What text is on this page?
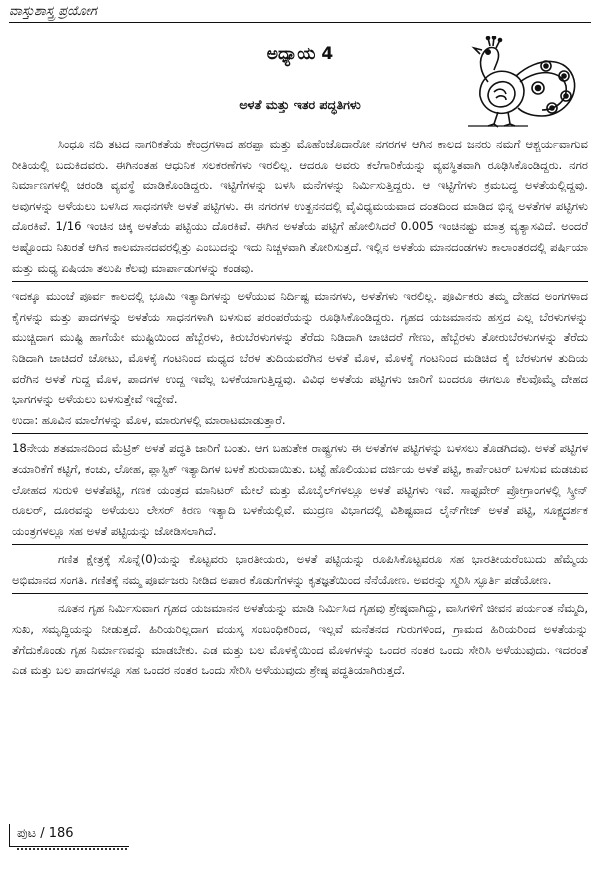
ವಾಸ್ತುಶಾಸ್ತ್ರ ಪ್ರಯೋಗ
ಅಧ್ಯಾಯ 4
ಅಳತೆ ಮತ್ತು ಇತರ ಪದ್ಧತಿಗಳು

ಸಿಂಧೂ ನದಿ ತಟದ ನಾಗರಿಕತೆಯ ಕೇಂದ್ರಗಳಾದ ಹರಪ್ಪಾ ಮತ್ತು ಮೊಹೆಂಜೊದಾರೋ ನಗರಗಳ ಆಗಿನ ಕಾಲದ ಜನರು ನಮಗೆ ಆಶ್ಚರ್ಯವಾಗುವ ರೀತಿಯಲ್ಲಿ ಬದುಕಿದವರು. ಈಗಿನಂತಹ ಆಧುನಿಕ ಸಲಕರಣೆಗಳು ಇರಲಿಲ್ಲ. ಆದರೂ ಅವರು ಕಲೆಗಾರಿಕೆಯನ್ನು ವ್ಯವಸ್ಥಿತವಾಗಿ ರೂಢಿಸಿಕೊಂಡಿದ್ದರು. ನಗರ ನಿರ್ಮಾಣಗಳಲ್ಲಿ ಚರಂಡಿ ವ್ಯವಸ್ಥೆ ಮಾಡಿಕೊಂಡಿದ್ದರು. ಇಟ್ಟಿಗೆಗಳನ್ನು ಬಳಸಿ ಮನೆಗಳನ್ನು ನಿರ್ಮಿಸುತ್ತಿದ್ದರು. ಆ ಇಟ್ಟಿಗೆಗಳು ಕ್ರಮಬದ್ಧ ಅಳತೆಯಲ್ಲಿದ್ದವು. ಅವುಗಳನ್ನು ಅಳೆಯಲು ಬಳಸಿದ ಸಾಧನಗಳೇ ಅಳತೆ ಪಟ್ಟಿಗಳು. ಈ ನಗರಗಳ ಉತ್ಖನನದಲ್ಲಿ ವೈವಿಧ್ಯಮಯವಾದ ದಂತದಿಂದ ಮಾಡಿದ ಭಿನ್ನ ಅಳತೆಗಳ ಪಟ್ಟಿಗಳು ದೊರಕಿವೆ. 1/16 ಇಂಚಿನ ಚಿಕ್ಕ ಅಳತೆಯ ಪಟ್ಟಿಯು ದೊರಕಿವೆ. ಈಗಿನ ಅಳತೆಯ ಪಟ್ಟಿಗೆ ಹೋಲಿಸಿದರೆ 0.005 ಇಂಚಿನಷ್ಟು ಮಾತ್ರ ವ್ಯತ್ಯಾಸವಿದೆ. ಅಂದರೆ ಅಷ್ಟೊಂದು ನಿಖರತೆ ಆಗಿನ ಕಾಲಮಾನದವರಲ್ಲಿತ್ತು ಎಂಬುದನ್ನು ಇದು ನಿಚ್ಚಳವಾಗಿ ತೋರಿಸುತ್ತದೆ. ಇಲ್ಲಿನ ಅಳತೆಯ ಮಾನದಂಡಗಳು ಕಾಲಾಂತರದಲ್ಲಿ ಪರ್ಷಿಯಾ ಮತ್ತು ಮಧ್ಯ ಏಷಿಯಾ ತಲುಪಿ ಕೆಲವು ಮಾರ್ಪಾಡುಗಳನ್ನು ಕಂಡವು.

ಇದಕ್ಕೂ ಮುಂಚೆ ಪೂರ್ವ ಕಾಲದಲ್ಲಿ ಭೂಮಿ ಇತ್ಯಾದಿಗಳನ್ನು ಅಳೆಯುವ ನಿರ್ದಿಷ್ಟ ಮಾನಗಳು, ಅಳತೆಗಳು ಇರಲಿಲ್ಲ. ಪೂರ್ವಿಕರು ತಮ್ಮ ದೇಹದ ಅಂಗಗಳಾದ ಕೈಗಳನ್ನು ಮತ್ತು ಪಾದಗಳನ್ನು ಅಳತೆಯ ಸಾಧನಗಳಾಗಿ ಬಳಸುವ ಪರಂಪರೆಯನ್ನು ರೂಢಿಸಿಕೊಂಡಿದ್ದರು. ಗೃಹದ ಯಜಮಾನನು ಹಸ್ತದ ಎಲ್ಲ ಬೆರಳುಗಳನ್ನು ಮುಚ್ಚಿದಾಗ ಮುಷ್ಟಿ ಹಾಗೆಯೇ ಮುಷ್ಟಿಯಿಂದ ಹೆಬ್ಬೆರಳು, ಕಿರುಬೆರಳುಗಳನ್ನು ತೆರೆದು ನಿಡಿದಾಗಿ ಚಾಚಿದರೆ ಗೇಣು, ಹೆಬ್ಬೆರಳು ತೋರುಬೆರಳುಗಳನ್ನು ತೆರೆದು ನಿಡಿದಾಗಿ ಚಾಚಿದರೆ ಚೋಟು, ಮೊಳಕೈ ಗಂಟನಿಂದ ಮಧ್ಯದ ಬೆರಳ ತುದಿಯವರೆಗಿನ ಅಳತೆ ಮೊಳ, ಮೊಳಕೈ ಗಂಟನಿಂದ ಮಡಿಚಿದ ಕೈ ಬೆರಳುಗಳ ತುದಿಯ ವರೆಗಿನ ಅಳತೆ ಗುದ್ದ ಮೊಳ, ಪಾದಗಳ ಉದ್ದ ಇವೆಲ್ಲ ಬಳಕೆಯಾಗುತ್ತಿದ್ದವು. ವಿವಿಧ ಅಳತೆಯ ಪಟ್ಟಿಗಳು ಜಾರಿಗೆ ಬಂದರೂ ಈಗಲೂ ಕೆಲವೊಮ್ಮೆ ದೇಹದ ಭಾಗಗಳನ್ನು ಅಳೆಯಲು ಬಳಸುತ್ತೇವೆ ಇದ್ದೇವೆ.

ಉದಾ: ಹೂವಿನ ಮಾಲೆಗಳನ್ನು ಮೊಳ, ಮಾರುಗಳಲ್ಲಿ ಮಾರಾಟಮಾಡುತ್ತಾರೆ.

18ನೇಯ ಶತಮಾನದಿಂದ ಮೆಟ್ರಿಕ್ ಅಳತೆ ಪದ್ಧತಿ ಜಾರಿಗೆ ಬಂತು. ಆಗ ಬಹುತೇಕ ರಾಷ್ಟ್ರಗಳು ಈ ಅಳತೆಗಳ ಪಟ್ಟಿಗಳನ್ನು ಬಳಸಲು ತೊಡಗಿದವು. ಅಳತೆ ಪಟ್ಟಿಗಳ ತಯಾರಿಕೆಗೆ ಕಟ್ಟಿಗೆ, ಕಂಚು, ಲೋಹ, ಪ್ಲಾಸ್ಟಿಕ್ ಇತ್ಯಾದಿಗಳ ಬಳಕೆ ಶುರುವಾಯಿತು. ಬಟ್ಟೆ ಹೊಲಿಯುವ ದರ್ಜಿಯ ಅಳತೆ ಪಟ್ಟಿ, ಕಾರ್ಪೆಂಟರ್ ಬಳಸುವ ಮಡಚುವ ಲೋಹದ ಸುರುಳಿ ಅಳತೆಪಟ್ಟಿ, ಗಣಕ ಯಂತ್ರದ ಮಾನಿಟರ್ ಮೇಲೆ ಮತ್ತು ಮೊಬೈಲ್‌ಗಳಲ್ಲೂ ಅಳತೆ ಪಟ್ಟಿಗಳು ಇವೆ. ಸಾಫ್ಟವೇರ್ ಪ್ರೋಗ್ರಾಂಗಳಲ್ಲಿ ಸ್ಕ್ರೀನ್ ರೂಲರ್, ದೂರವನ್ನು ಅಳೆಯಲು ಲೇಸರ್ ಕಿರಣ ಇತ್ಯಾದಿ ಬಳಕೆಯಲ್ಲಿವೆ. ಮುದ್ರಣ ವಿಭಾಗದಲ್ಲಿ ವಿಶಿಷ್ಟವಾದ ಲೈನ್‌ಗೇಜ್ ಅಳತೆ ಪಟ್ಟಿ, ಸೂಕ್ಷ್ಮದರ್ಶಕ ಯಂತ್ರಗಳಲ್ಲೂ ಸಹ ಅಳತೆ ಪಟ್ಟಿಯನ್ನು ಜೋಡಿಸಲಾಗಿದೆ.

ಗಣಿತ ಕ್ಷೇತ್ರಕ್ಕೆ ಸೊನ್ನೆ(0)ಯನ್ನು ಕೊಟ್ಟವರು ಭಾರತೀಯರು, ಅಳತೆ ಪಟ್ಟಿಯನ್ನು ರೂಪಿಸಿಕೊಟ್ಟವರೂ ಸಹ ಭಾರತೀಯರೆಂಬುದು ಹೆಮ್ಮೆಯ ಅಭಿಮಾನದ ಸಂಗತಿ. ಗಣಿತಕ್ಕೆ ನಮ್ಮ ಪೂರ್ವಜರು ನೀಡಿದ ಅಪಾರ ಕೊಡುಗೆಗಳನ್ನು ಕೃತಜ್ಞತೆಯಿಂದ ನೆನೆಯೋಣ. ಅವರನ್ನು ಸ್ಮರಿಸಿ ಸ್ಫೂರ್ತಿ ಪಡೆಯೋಣ.

ನೂತನ ಗೃಹ ನಿರ್ಮಿಸುವಾಗ ಗೃಹದ ಯಜಮಾನನ ಅಳತೆಯನ್ನು ಮಾಡಿ ನಿರ್ಮಿಸಿದ ಗೃಹವು ಶ್ರೇಷ್ಠವಾಗಿದ್ದು, ವಾಸಿಗಳಿಗೆ ಜೀವನ ಪರ್ಯಂತ ನೆಮ್ಮದಿ, ಸುಖ, ಸಮೃದ್ಧಿಯನ್ನು ನೀಡುತ್ತದೆ. ಹಿರಿಯರಿಲ್ಲದಾಗ ವಯಸ್ಕ ಸಂಬಂಧಿಕರಿಂದ, ಇಲ್ಲವೆ ಮನೆತನದ ಗುರುಗಳಿಂದ, ಗ್ರಾಮದ ಹಿರಿಯರಿಂದ ಅಳತೆಯನ್ನು ತೆಗೆದುಕೊಂಡು ಗೃಹ ನಿರ್ಮಾಣವನ್ನು ಮಾಡಬೇಕು. ಎಡ ಮತ್ತು ಬಲ ಮೊಳಕೈಯಿಂದ ಮೊಳಗಳನ್ನು ಒಂದರ ನಂತರ ಒಂದು ಸೇರಿಸಿ ಅಳೆಯುವುದು. ಇದರಂತೆ ಎಡ ಮತ್ತು ಬಲ ಪಾದಗಳನ್ನೂ ಸಹ ಒಂದರ ನಂತರ ಒಂದು ಸೇರಿಸಿ ಅಳೆಯುವುದು ಶ್ರೇಷ್ಠ ಪದ್ಧತಿಯಾಗಿರುತ್ತದೆ.

ಪುಟ / 186
